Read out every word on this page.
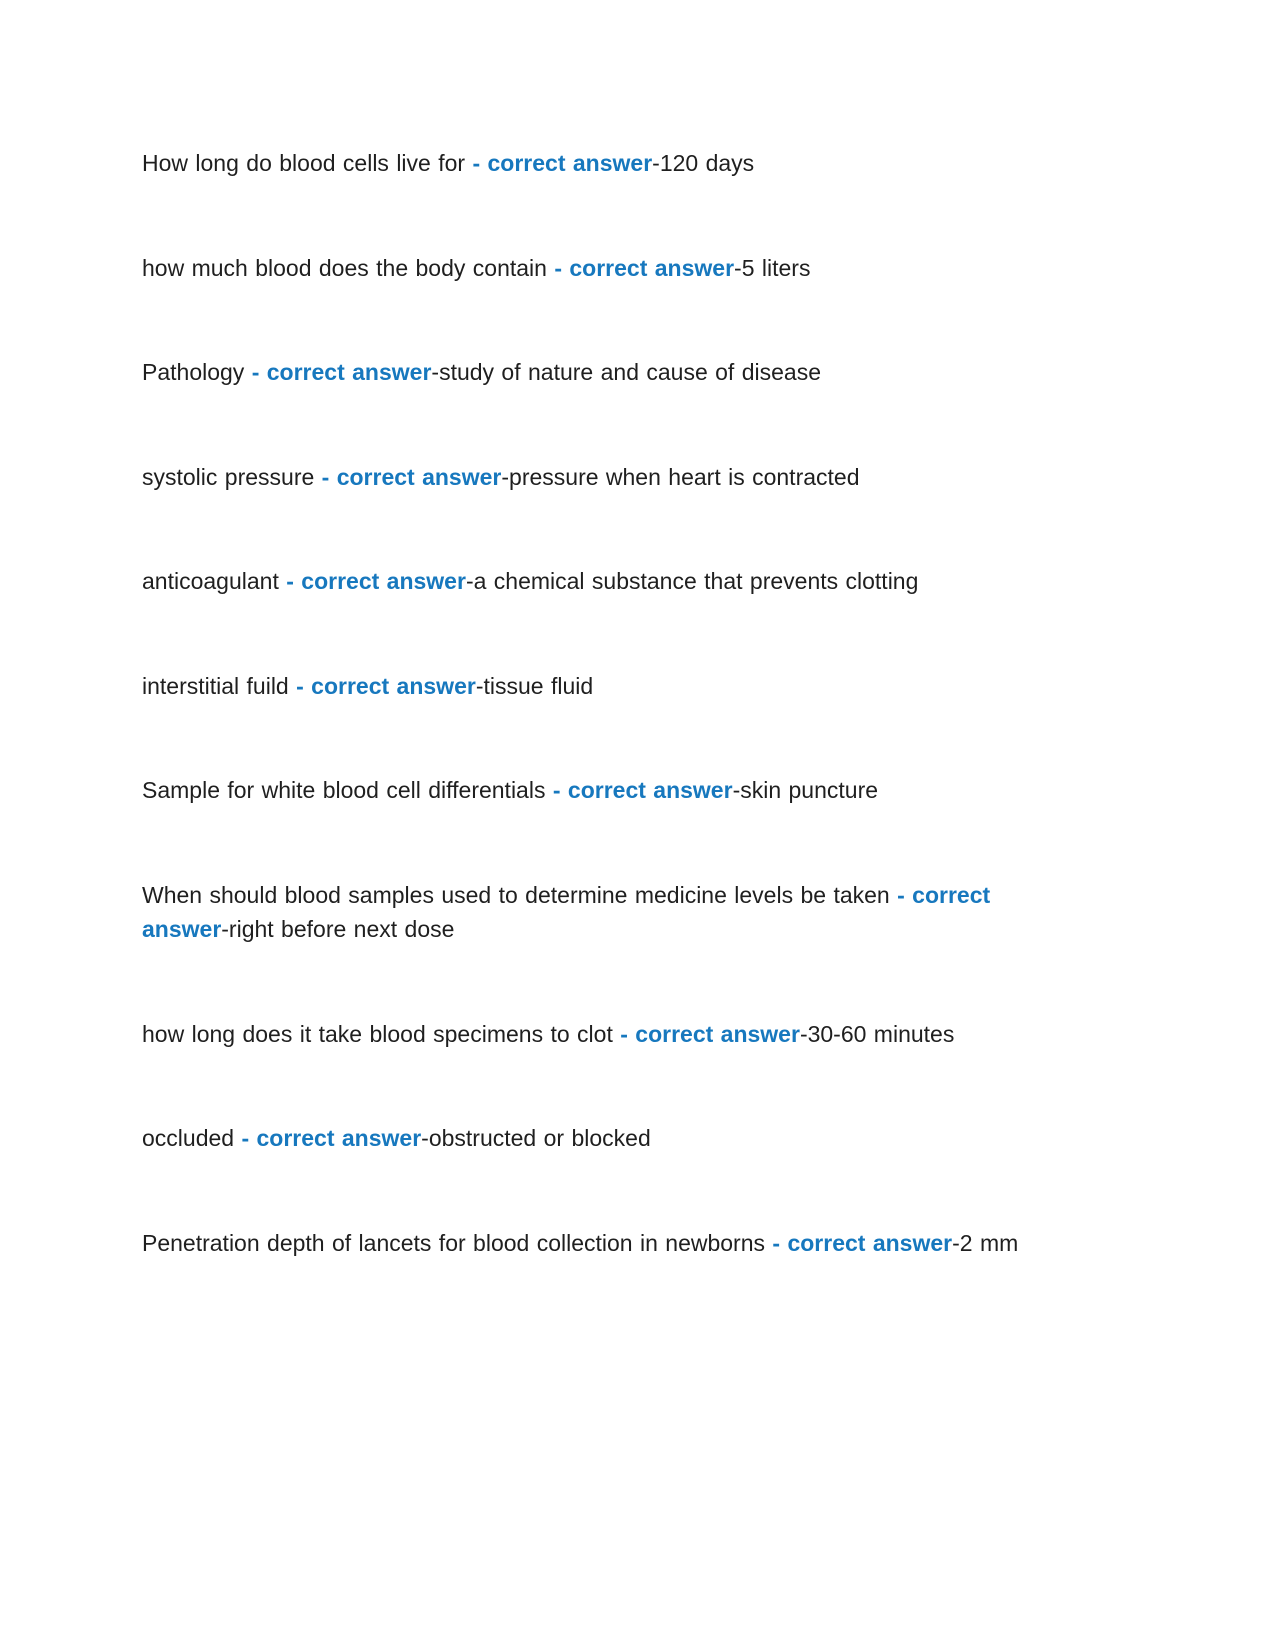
How long do blood cells live for - correct answer-120 days

how much blood does the body contain - correct answer-5 liters

Pathology - correct answer-study of nature and cause of disease

systolic pressure - correct answer-pressure when heart is contracted

anticoagulant - correct answer-a chemical substance that prevents clotting

interstitial fuild - correct answer-tissue fluid

Sample for white blood cell differentials - correct answer-skin puncture

When should blood samples used to determine medicine levels be taken - correct answer-right before next dose

how long does it take blood specimens to clot - correct answer-30-60 minutes

occluded - correct answer-obstructed or blocked

Penetration depth of lancets for blood collection in newborns - correct answer-2 mm
